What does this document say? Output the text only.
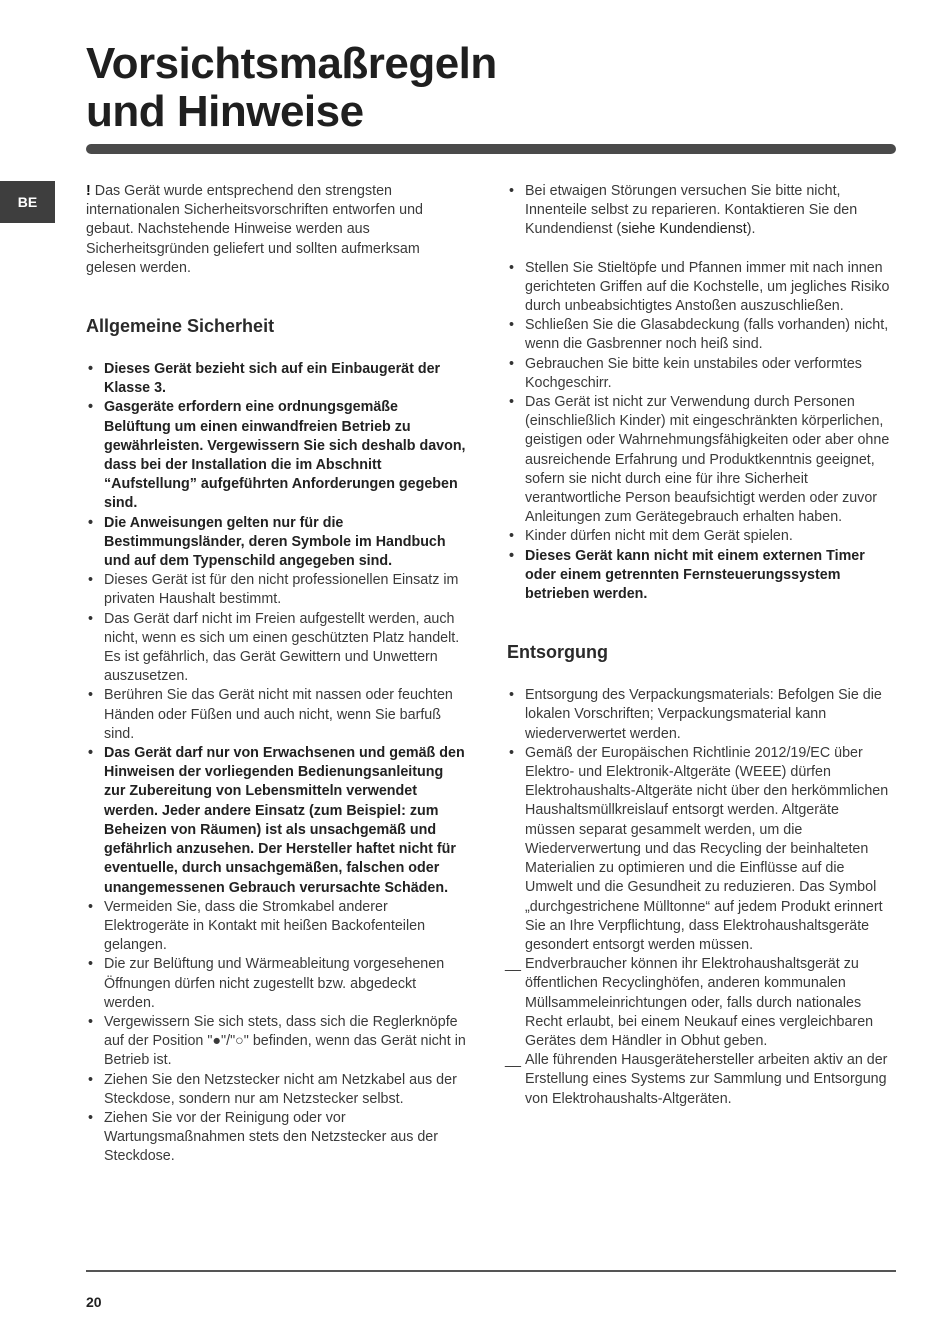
Vorsichtsmaßregeln
und Hinweise
BE

! Das Gerät wurde entsprechend den strengsten internationalen Sicherheitsvorschriften entworfen und gebaut. Nachstehende Hinweise werden aus Sicherheitsgründen geliefert und sollten aufmerksam gelesen werden.

Allgemeine Sicherheit
• Dieses Gerät bezieht sich auf ein Einbaugerät der Klasse 3.
• Gasgeräte erfordern eine ordnungsgemäße Belüftung um einen einwandfreien Betrieb zu gewährleisten. Vergewissern Sie sich deshalb davon, dass bei der Installation die im Abschnitt “Aufstellung” aufgeführten Anforderungen gegeben sind.
• Die Anweisungen gelten nur für die Bestimmungsländer, deren Symbole im Handbuch und auf dem Typenschild angegeben sind.
• Dieses Gerät ist für den nicht professionellen Einsatz im privaten Haushalt bestimmt.
• Das Gerät darf nicht im Freien aufgestellt werden, auch nicht, wenn es sich um einen geschützten Platz handelt. Es ist gefährlich, das Gerät Gewittern und Unwettern auszusetzen.
• Berühren Sie das Gerät nicht mit nassen oder feuchten Händen oder Füßen und auch nicht, wenn Sie barfuß sind.
• Das Gerät darf nur von Erwachsenen und gemäß den Hinweisen der vorliegenden Bedienungsanleitung zur Zubereitung von Lebensmitteln verwendet werden. Jeder andere Einsatz (zum Beispiel: zum Beheizen von Räumen) ist als unsachgemäß und gefährlich anzusehen. Der Hersteller haftet nicht für eventuelle, durch unsachgemäßen, falschen oder unangemessenen Gebrauch verursachte Schäden.
• Vermeiden Sie, dass die Stromkabel anderer Elektrogeräte in Kontakt mit heißen Backofenteilen gelangen.
• Die zur Belüftung und Wärmeableitung vorgesehenen Öffnungen dürfen nicht zugestellt bzw. abgedeckt werden.
• Vergewissern Sie sich stets, dass sich die Reglerknöpfe auf der Position "●"/"○" befinden, wenn das Gerät nicht in Betrieb ist.
• Ziehen Sie den Netzstecker nicht am Netzkabel aus der Steckdose, sondern nur am Netzstecker selbst.
• Ziehen Sie vor der Reinigung oder vor Wartungsmaßnahmen stets den Netzstecker aus der Steckdose.
• Bei etwaigen Störungen versuchen Sie bitte nicht, Innenteile selbst zu reparieren. Kontaktieren Sie den Kundendienst (siehe Kundendienst).
• Stellen Sie Stieltöpfe und Pfannen immer mit nach innen gerichteten Griffen auf die Kochstelle, um jegliches Risiko durch unbeabsichtigtes Anstoßen auszuschließen.
• Schließen Sie die Glasabdeckung (falls vorhanden) nicht, wenn die Gasbrenner noch heiß sind.
• Gebrauchen Sie bitte kein unstabiles oder verformtes Kochgeschirr.
• Das Gerät ist nicht zur Verwendung durch Personen (einschließlich Kinder) mit eingeschränkten körperlichen, geistigen oder Wahrnehmungsfähigkeiten oder aber ohne ausreichende Erfahrung und Produktkenntnis geeignet, sofern sie nicht durch eine für ihre Sicherheit verantwortliche Person beaufsichtigt werden oder zuvor Anleitungen zum Gerätegebrauch erhalten haben.
• Kinder dürfen nicht mit dem Gerät spielen.
• Dieses Gerät kann nicht mit einem externen Timer oder einem getrennten Fernsteuerungssystem betrieben werden.
Entsorgung
• Entsorgung des Verpackungsmaterials: Befolgen Sie die lokalen Vorschriften; Verpackungsmaterial kann wiederverwertet werden.
• Gemäß der Europäischen Richtlinie 2012/19/EC über Elektro- und Elektronik-Altgeräte (WEEE) dürfen Elektrohaushalts-Altgeräte nicht über den herkömmlichen Haushaltsmüllkreislauf entsorgt werden. Altgeräte müssen separat gesammelt werden, um die Wiederverwertung und das Recycling der beinhalteten Materialien zu optimieren und die Einflüsse auf die Umwelt und die Gesundheit zu reduzieren. Das Symbol „durchgestrichene Mülltonne“ auf jedem Produkt erinnert Sie an Ihre Verpflichtung, dass Elektrohaushaltsgeräte gesondert entsorgt werden müssen.
__ Endverbraucher können ihr Elektrohaushaltsgerät zu öffentlichen Recyclinghöfen, anderen kommunalen Müllsammeleinrichtungen oder, falls durch nationales Recht erlaubt, bei einem Neukauf eines vergleichbaren Gerätes dem Händler in Obhut geben.
__ Alle führenden Hausgerätehersteller arbeiten aktiv an der Erstellung eines Systems zur Sammlung und Entsorgung von Elektrohaushalts-Altgeräten.
20
